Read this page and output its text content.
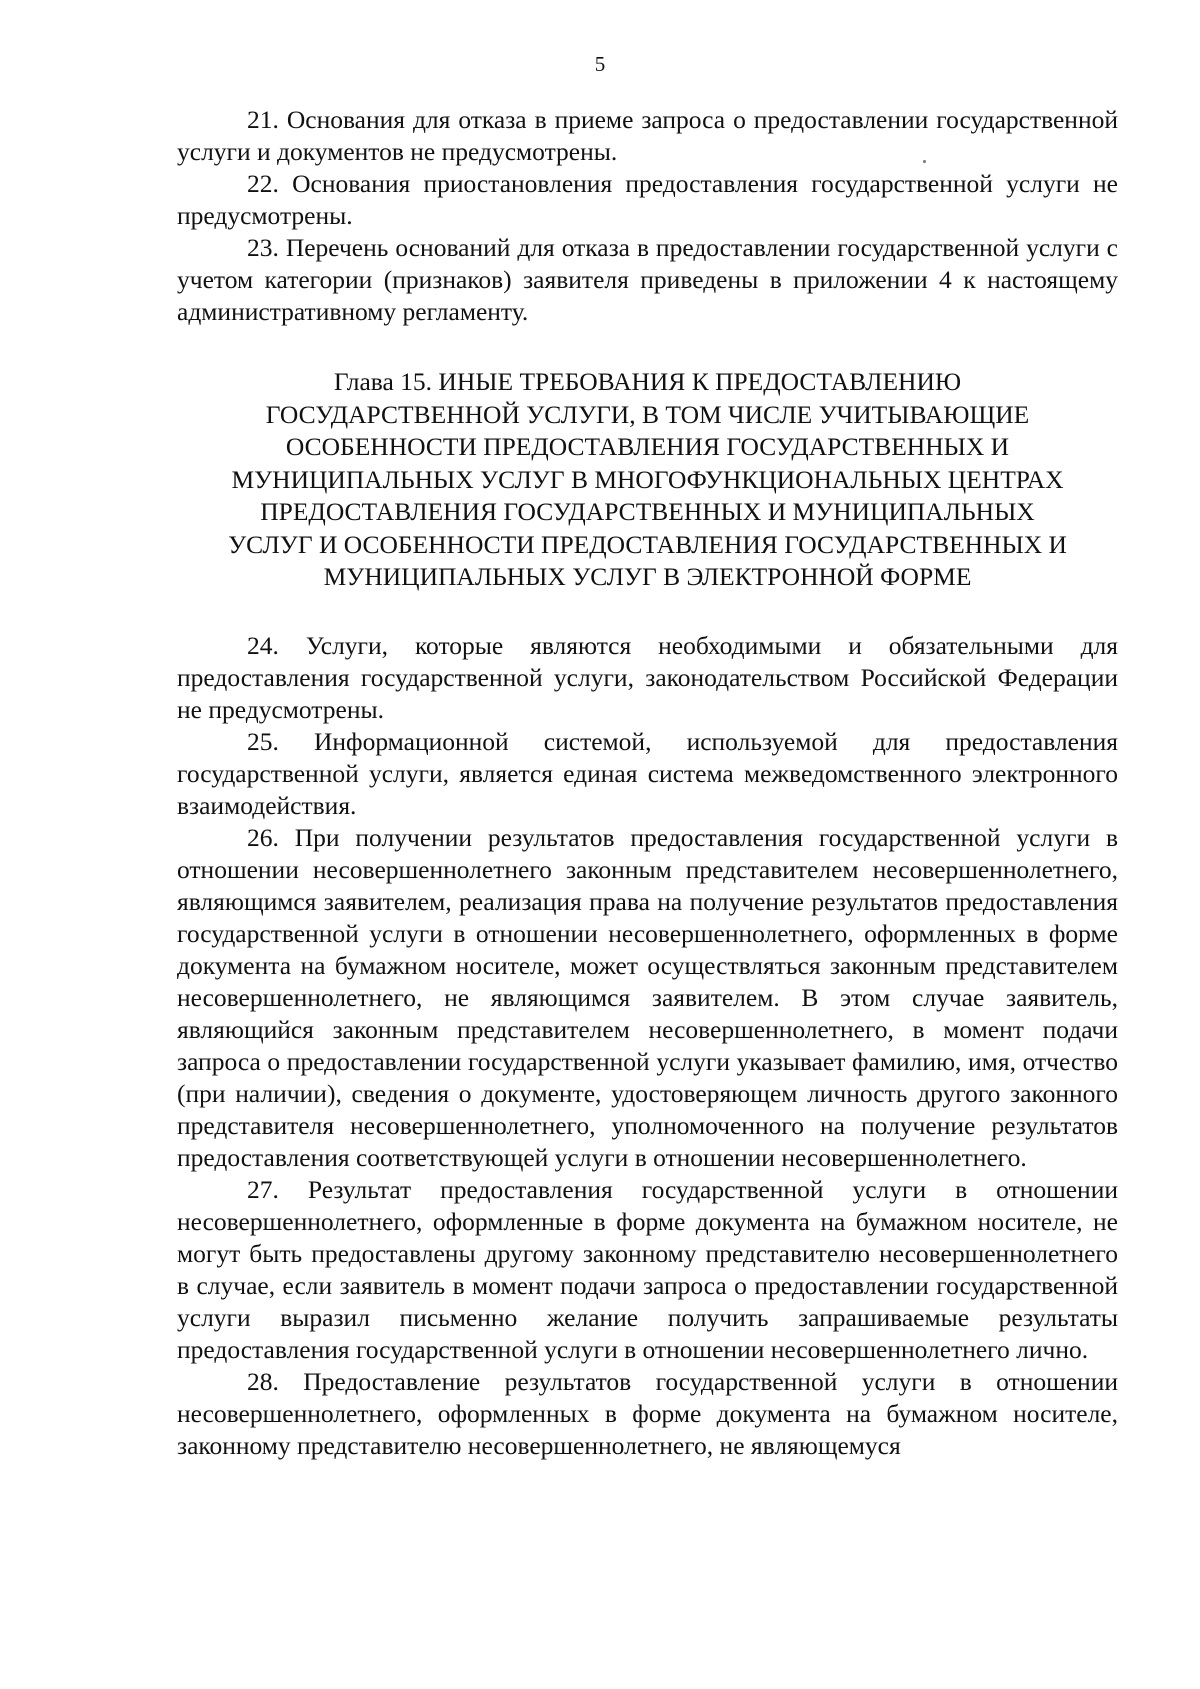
5

21. Основания для отказа в приеме запроса о предоставлении государственной услуги и документов не предусмотрены.

22. Основания приостановления предоставления государственной услуги не предусмотрены.

23. Перечень оснований для отказа в предоставлении государственной услуги с учетом категории (признаков) заявителя приведены в приложении 4 к настоящему административному регламенту.

Глава 15. ИНЫЕ ТРЕБОВАНИЯ К ПРЕДОСТАВЛЕНИЮ
ГОСУДАРСТВЕННОЙ УСЛУГИ, В ТОМ ЧИСЛЕ УЧИТЫВАЮЩИЕ
ОСОБЕННОСТИ ПРЕДОСТАВЛЕНИЯ ГОСУДАРСТВЕННЫХ И
МУНИЦИПАЛЬНЫХ УСЛУГ В МНОГОФУНКЦИОНАЛЬНЫХ ЦЕНТРАХ
ПРЕДОСТАВЛЕНИЯ ГОСУДАРСТВЕННЫХ И МУНИЦИПАЛЬНЫХ
УСЛУГ И ОСОБЕННОСТИ ПРЕДОСТАВЛЕНИЯ ГОСУДАРСТВЕННЫХ И
МУНИЦИПАЛЬНЫХ УСЛУГ В ЭЛЕКТРОННОЙ ФОРМЕ

24. Услуги, которые являются необходимыми и обязательными для предоставления государственной услуги, законодательством Российской Федерации не предусмотрены.

25. Информационной системой, используемой для предоставления государственной услуги, является единая система межведомственного электронного взаимодействия.

26. При получении результатов предоставления государственной услуги в отношении несовершеннолетнего законным представителем несовершеннолетнего, являющимся заявителем, реализация права на получение результатов предоставления государственной услуги в отношении несовершеннолетнего, оформленных в форме документа на бумажном носителе, может осуществляться законным представителем несовершеннолетнего, не являющимся заявителем. В этом случае заявитель, являющийся законным представителем несовершеннолетнего, в момент подачи запроса о предоставлении государственной услуги указывает фамилию, имя, отчество (при наличии), сведения о документе, удостоверяющем личность другого законного представителя несовершеннолетнего, уполномоченного на получение результатов предоставления соответствующей услуги в отношении несовершеннолетнего.

27. Результат предоставления государственной услуги в отношении несовершеннолетнего, оформленные в форме документа на бумажном носителе, не могут быть предоставлены другому законному представителю несовершеннолетнего в случае, если заявитель в момент подачи запроса о предоставлении государственной услуги выразил письменно желание получить запрашиваемые результаты предоставления государственной услуги в отношении несовершеннолетнего лично.

28. Предоставление результатов государственной услуги в отношении несовершеннолетнего, оформленных в форме документа на бумажном носителе, законному представителю несовершеннолетнего, не являющемуся
